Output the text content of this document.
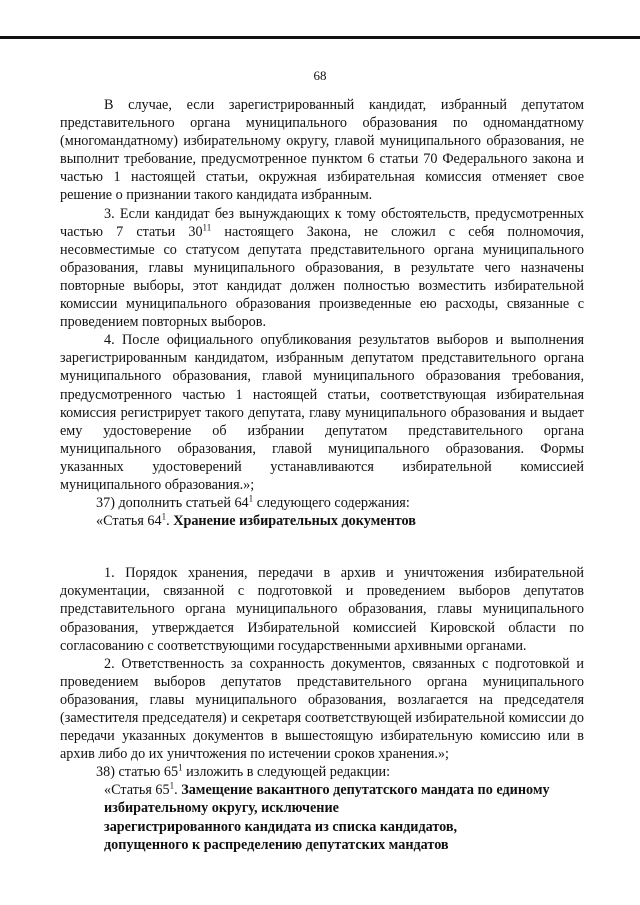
68

В случае, если зарегистрированный кандидат, избранный депутатом представительного органа муниципального образования по одномандатному (многомандатному) избирательному округу, главой муниципального образования, не выполнит требование, предусмотренное пунктом 6 статьи 70 Федерального закона и частью 1 настоящей статьи, окружная избирательная комиссия отменяет свое решение о признании такого кандидата избранным.

3. Если кандидат без вынуждающих к тому обстоятельств, предусмотренных частью 7 статьи $30^{11}$ настоящего Закона, не сложил с себя полномочия, несовместимые со статусом депутата представительного органа муниципального образования, главы муниципального образования, в результате чего назначены повторные выборы, этот кандидат должен полностью возместить избирательной комиссии муниципального образования произведенные ею расходы, связанные с проведением повторных выборов.

4. После официального опубликования результатов выборов и выполнения зарегистрированным кандидатом, избранным депутатом представительного органа муниципального образования, главой муниципального образования требования, предусмотренного частью 1 настоящей статьи, соответствующая избирательная комиссия регистрирует такого депутата, главу муниципального образования и выдает ему удостоверение об избрании депутатом представительного органа муниципального образования, главой муниципального образования. Формы указанных удостоверений устанавливаются избирательной комиссией муниципального образования.»;

37) дополнить статьей $64^1$ следующего содержания:

«Статья $64^1$. Хранение избирательных документов

1. Порядок хранения, передачи в архив и уничтожения избирательной документации, связанной с подготовкой и проведением выборов депутатов представительного органа муниципального образования, главы муниципального образования, утверждается Избирательной комиссией Кировской области по согласованию с соответствующими государственными архивными органами.

2. Ответственность за сохранность документов, связанных с подготовкой и проведением выборов депутатов представительного органа муниципального образования, главы муниципального образования, возлагается на председателя (заместителя председателя) и секретаря соответствующей избирательной комиссии до передачи указанных документов в вышестоящую избирательную комиссию или в архив либо до их уничтожения по истечении сроков хранения.»;

38) статью $65^1$ изложить в следующей редакции:

«Статья $65^1$. Замещение вакантного депутатского мандата по единому

избирательному округу, исключение

зарегистрированного кандидата из списка кандидатов,

допущенного к распределению депутатских мандатов
